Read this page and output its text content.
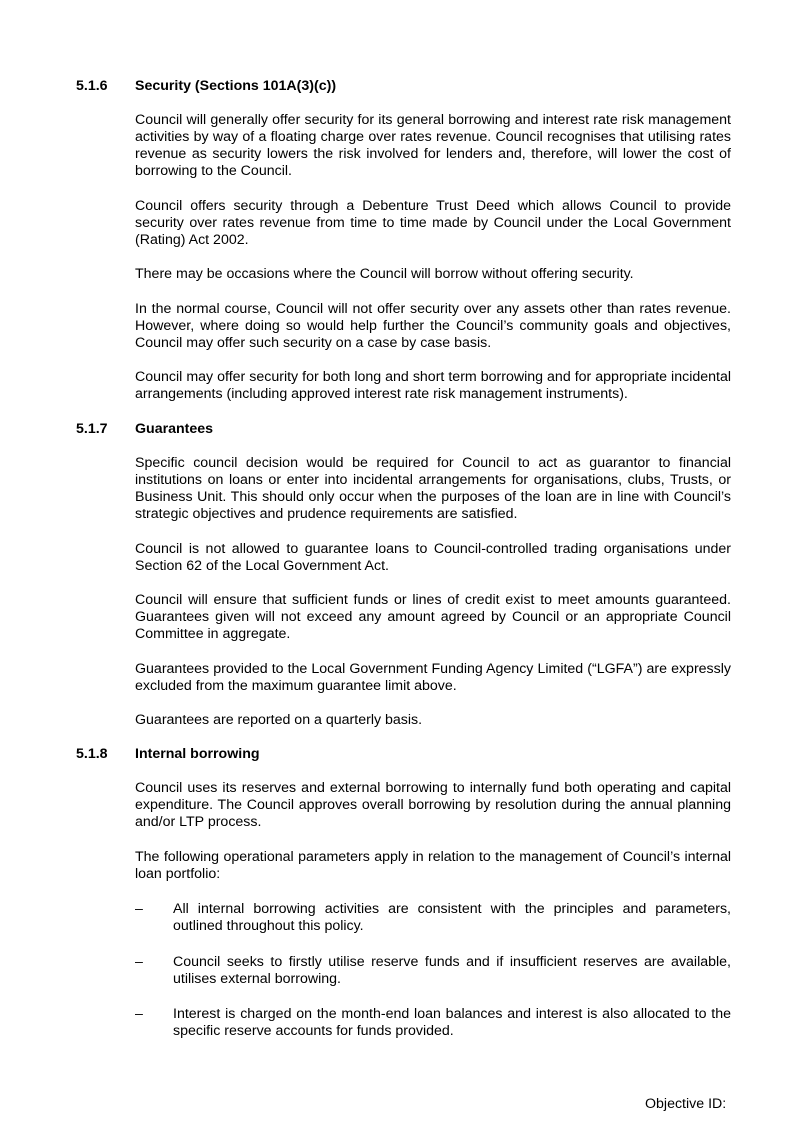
5.1.6 Security (Sections 101A(3)(c))

Council will generally offer security for its general borrowing and interest rate risk management activities by way of a floating charge over rates revenue. Council recognises that utilising rates revenue as security lowers the risk involved for lenders and, therefore, will lower the cost of borrowing to the Council.

Council offers security through a Debenture Trust Deed which allows Council to provide security over rates revenue from time to time made by Council under the Local Government (Rating) Act 2002.

There may be occasions where the Council will borrow without offering security.

In the normal course, Council will not offer security over any assets other than rates revenue. However, where doing so would help further the Council’s community goals and objectives, Council may offer such security on a case by case basis.

Council may offer security for both long and short term borrowing and for appropriate incidental arrangements (including approved interest rate risk management instruments).

5.1.7 Guarantees

Specific council decision would be required for Council to act as guarantor to financial institutions on loans or enter into incidental arrangements for organisations, clubs, Trusts, or Business Unit. This should only occur when the purposes of the loan are in line with Council’s strategic objectives and prudence requirements are satisfied.

Council is not allowed to guarantee loans to Council-controlled trading organisations under Section 62 of the Local Government Act.

Council will ensure that sufficient funds or lines of credit exist to meet amounts guaranteed. Guarantees given will not exceed any amount agreed by Council or an appropriate Council Committee in aggregate.

Guarantees provided to the Local Government Funding Agency Limited (“LGFA”) are expressly excluded from the maximum guarantee limit above.

Guarantees are reported on a quarterly basis.

5.1.8 Internal borrowing

Council uses its reserves and external borrowing to internally fund both operating and capital expenditure. The Council approves overall borrowing by resolution during the annual planning and/or LTP process.

The following operational parameters apply in relation to the management of Council’s internal loan portfolio:

– All internal borrowing activities are consistent with the principles and parameters, outlined throughout this policy.

– Council seeks to firstly utilise reserve funds and if insufficient reserves are available, utilises external borrowing.

– Interest is charged on the month-end loan balances and interest is also allocated to the specific reserve accounts for funds provided.

Objective ID:
